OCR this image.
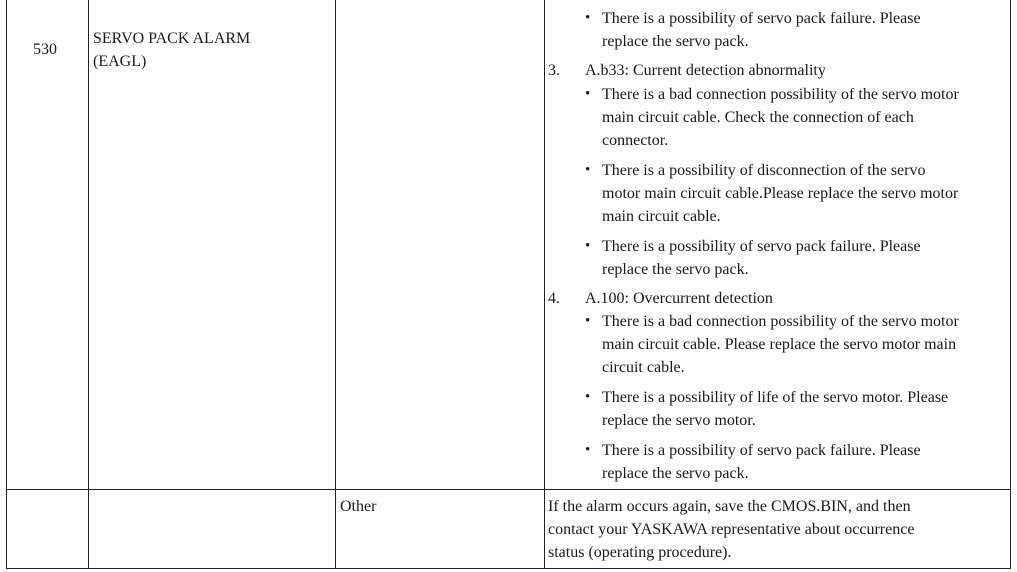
530
SERVO PACK ALARM
(EAGL)
• There is a possibility of servo pack failure. Please
replace the servo pack.
3. A.b33: Current detection abnormality
• There is a bad connection possibility of the servo motor
main circuit cable. Check the connection of each
connector.
• There is a possibility of disconnection of the servo
motor main circuit cable.Please replace the servo motor
main circuit cable.
• There is a possibility of servo pack failure. Please
replace the servo pack.
4. A.100: Overcurrent detection
• There is a bad connection possibility of the servo motor
main circuit cable. Please replace the servo motor main
circuit cable.
• There is a possibility of life of the servo motor. Please
replace the servo motor.
• There is a possibility of servo pack failure. Please
replace the servo pack.
Other	If the alarm occurs again, save the CMOS.BIN, and then
contact your YASKAWA representative about occurrence
status (operating procedure).
